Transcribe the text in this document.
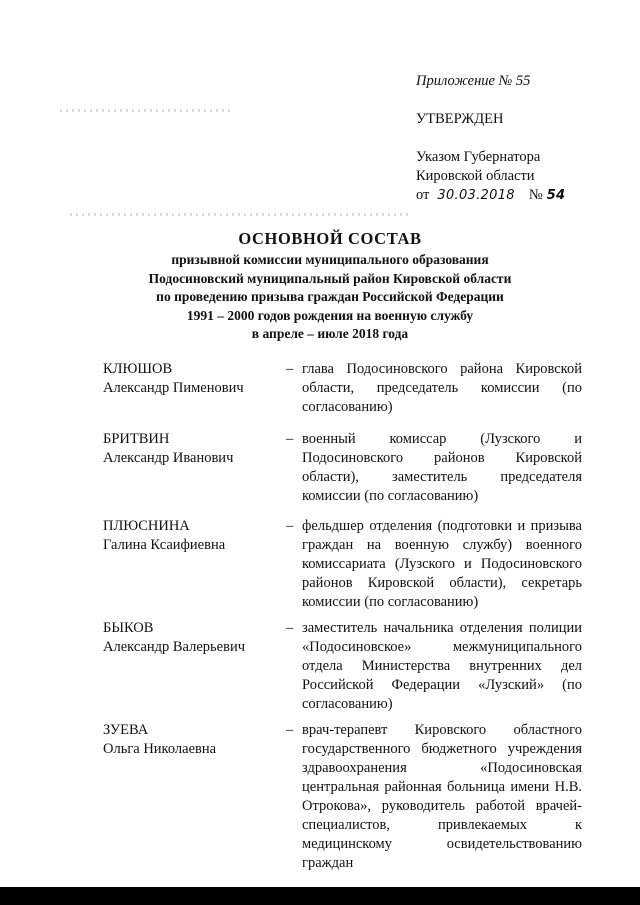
Приложение № 55
УТВЕРЖДЕН
Указом Губернатора
Кировской области
от 30.03.2018 № 54
ОСНОВНОЙ СОСТАВ
призывной комиссии муниципального образования
Подосиновский муниципальный район Кировской области
по проведению призыва граждан Российской Федерации
1991 – 2000 годов рождения на военную службу
в апреле – июле 2018 года
КЛЮШОВ
Александр Пименович
– глава Подосиновского района Кировской области, председатель комиссии (по согласованию)
БРИТВИН
Александр Иванович
– военный комиссар (Лузского и Подосиновского районов Кировской области), заместитель председателя комиссии (по согласованию)
ПЛЮСНИНА
Галина Ксаифиевна
– фельдшер отделения (подготовки и призыва граждан на военную службу) военного комиссариата (Лузского и Подосиновского районов Кировской области), секретарь комиссии (по согласованию)
БЫКОВ
Александр Валерьевич
– заместитель начальника отделения полиции «Подосиновское» межмуниципального отдела Министерства внутренних дел Российской Федерации «Лузский» (по согласованию)
ЗУЕВА
Ольга Николаевна
– врач-терапевт Кировского областного государственного бюджетного учреждения здравоохранения «Подосиновская центральная районная больница имени Н.В. Отрокова», руководитель работой врачей-специалистов, привлекаемых к медицинскому освидетельствованию граждан
